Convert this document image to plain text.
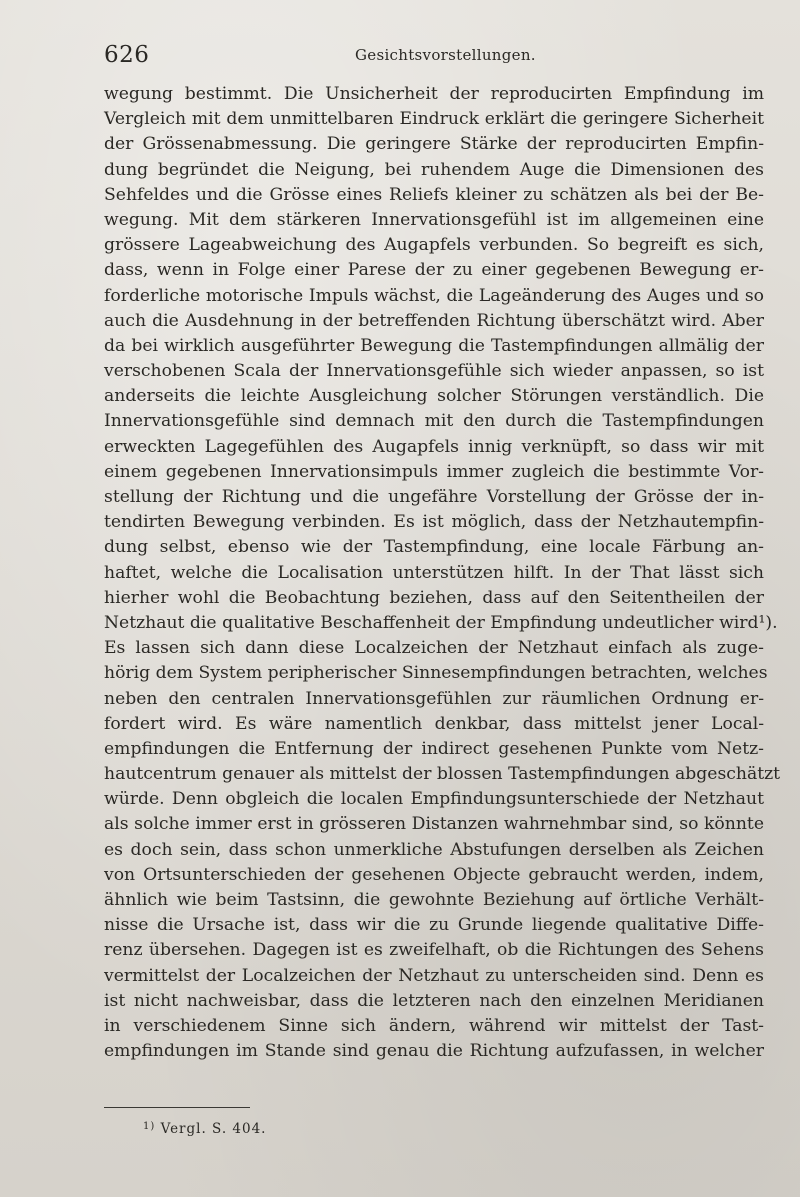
626	Gesichtsvorstellungen.
wegung bestimmt. Die Unsicherheit der reproducirten Empfindung im
Vergleich mit dem unmittelbaren Eindruck erklärt die geringere Sicherheit
der Grössenabmessung. Die geringere Stärke der reproducirten Empfin-
dung begründet die Neigung, bei ruhendem Auge die Dimensionen des
Sehfeldes und die Grösse eines Reliefs kleiner zu schätzen als bei der Be-
wegung. Mit dem stärkeren Innervationsgefühl ist im allgemeinen eine
grössere Lageabweichung des Augapfels verbunden. So begreift es sich,
dass, wenn in Folge einer Parese der zu einer gegebenen Bewegung er-
forderliche motorische Impuls wächst, die Lageänderung des Auges und so
auch die Ausdehnung in der betreffenden Richtung überschätzt wird. Aber
da bei wirklich ausgeführter Bewegung die Tastempfindungen allmälig der
verschobenen Scala der Innervationsgefühle sich wieder anpassen, so ist
anderseits die leichte Ausgleichung solcher Störungen verständlich. Die
Innervationsgefühle sind demnach mit den durch die Tastempfindungen
erweckten Lagegefühlen des Augapfels innig verknüpft, so dass wir mit
einem gegebenen Innervationsimpuls immer zugleich die bestimmte Vor-
stellung der Richtung und die ungefähre Vorstellung der Grösse der in-
tendirten Bewegung verbinden. Es ist möglich, dass der Netzhautempfin-
dung selbst, ebenso wie der Tastempfindung, eine locale Färbung an-
haftet, welche die Localisation unterstützen hilft. In der That lässt sich
hierher wohl die Beobachtung beziehen, dass auf den Seitentheilen der
Netzhaut die qualitative Beschaffenheit der Empfindung undeutlicher wird¹).
Es lassen sich dann diese Localzeichen der Netzhaut einfach als zuge-
hörig dem System peripherischer Sinnesempfindungen betrachten, welches
neben den centralen Innervationsgefühlen zur räumlichen Ordnung er-
fordert wird. Es wäre namentlich denkbar, dass mittelst jener Local-
empfindungen die Entfernung der indirect gesehenen Punkte vom Netz-
hautcentrum genauer als mittelst der blossen Tastempfindungen abgeschätzt
würde. Denn obgleich die localen Empfindungsunterschiede der Netzhaut
als solche immer erst in grösseren Distanzen wahrnehmbar sind, so könnte
es doch sein, dass schon unmerkliche Abstufungen derselben als Zeichen
von Ortsunterschieden der gesehenen Objecte gebraucht werden, indem,
ähnlich wie beim Tastsinn, die gewohnte Beziehung auf örtliche Verhält-
nisse die Ursache ist, dass wir die zu Grunde liegende qualitative Diffe-
renz übersehen. Dagegen ist es zweifelhaft, ob die Richtungen des Sehens
vermittelst der Localzeichen der Netzhaut zu unterscheiden sind. Denn es
ist nicht nachweisbar, dass die letzteren nach den einzelnen Meridianen
in verschiedenem Sinne sich ändern, während wir mittelst der Tast-
empfindungen im Stande sind genau die Richtung aufzufassen, in welcher
$^{1)}$ Vergl. S. 404.
